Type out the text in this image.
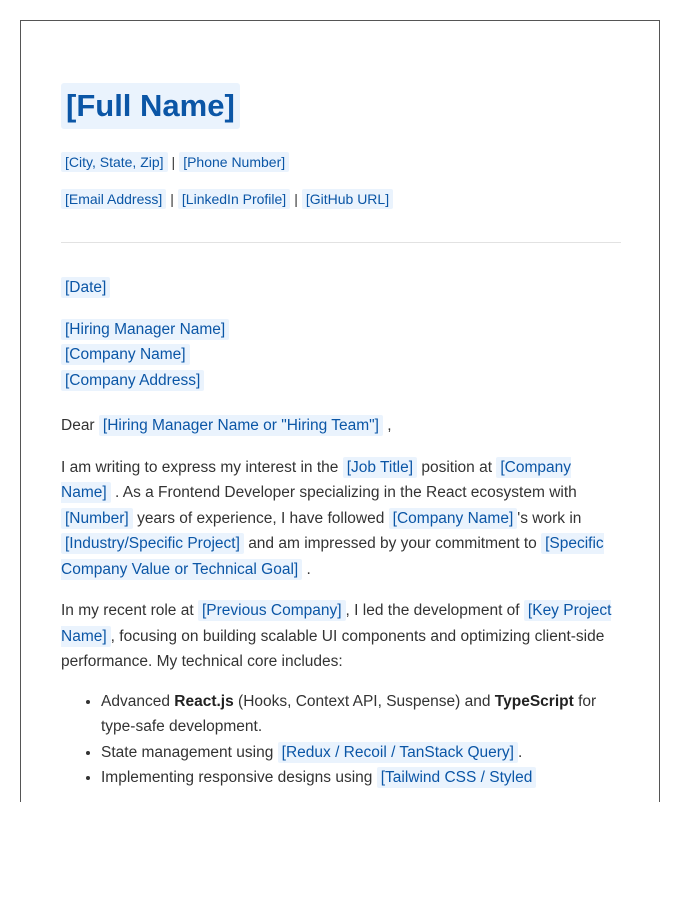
[Full Name]
[City, State, Zip] | [Phone Number]
[Email Address] | [LinkedIn Profile] | [GitHub URL]
[Date]
[Hiring Manager Name]
[Company Name]
[Company Address]
Dear [Hiring Manager Name or "Hiring Team"] ,
I am writing to express my interest in the [Job Title] position at [Company Name] . As a Frontend Developer specializing in the React ecosystem with [Number] years of experience, I have followed [Company Name] 's work in [Industry/Specific Project] and am impressed by your commitment to [Specific Company Value or Technical Goal] .
In my recent role at [Previous Company] , I led the development of [Key Project Name] , focusing on building scalable UI components and optimizing client-side performance. My technical core includes:
• Advanced React.js (Hooks, Context API, Suspense) and TypeScript for type-safe development.
• State management using [Redux / Recoil / TanStack Query] .
• Implementing responsive designs using [Tailwind CSS / Styled
